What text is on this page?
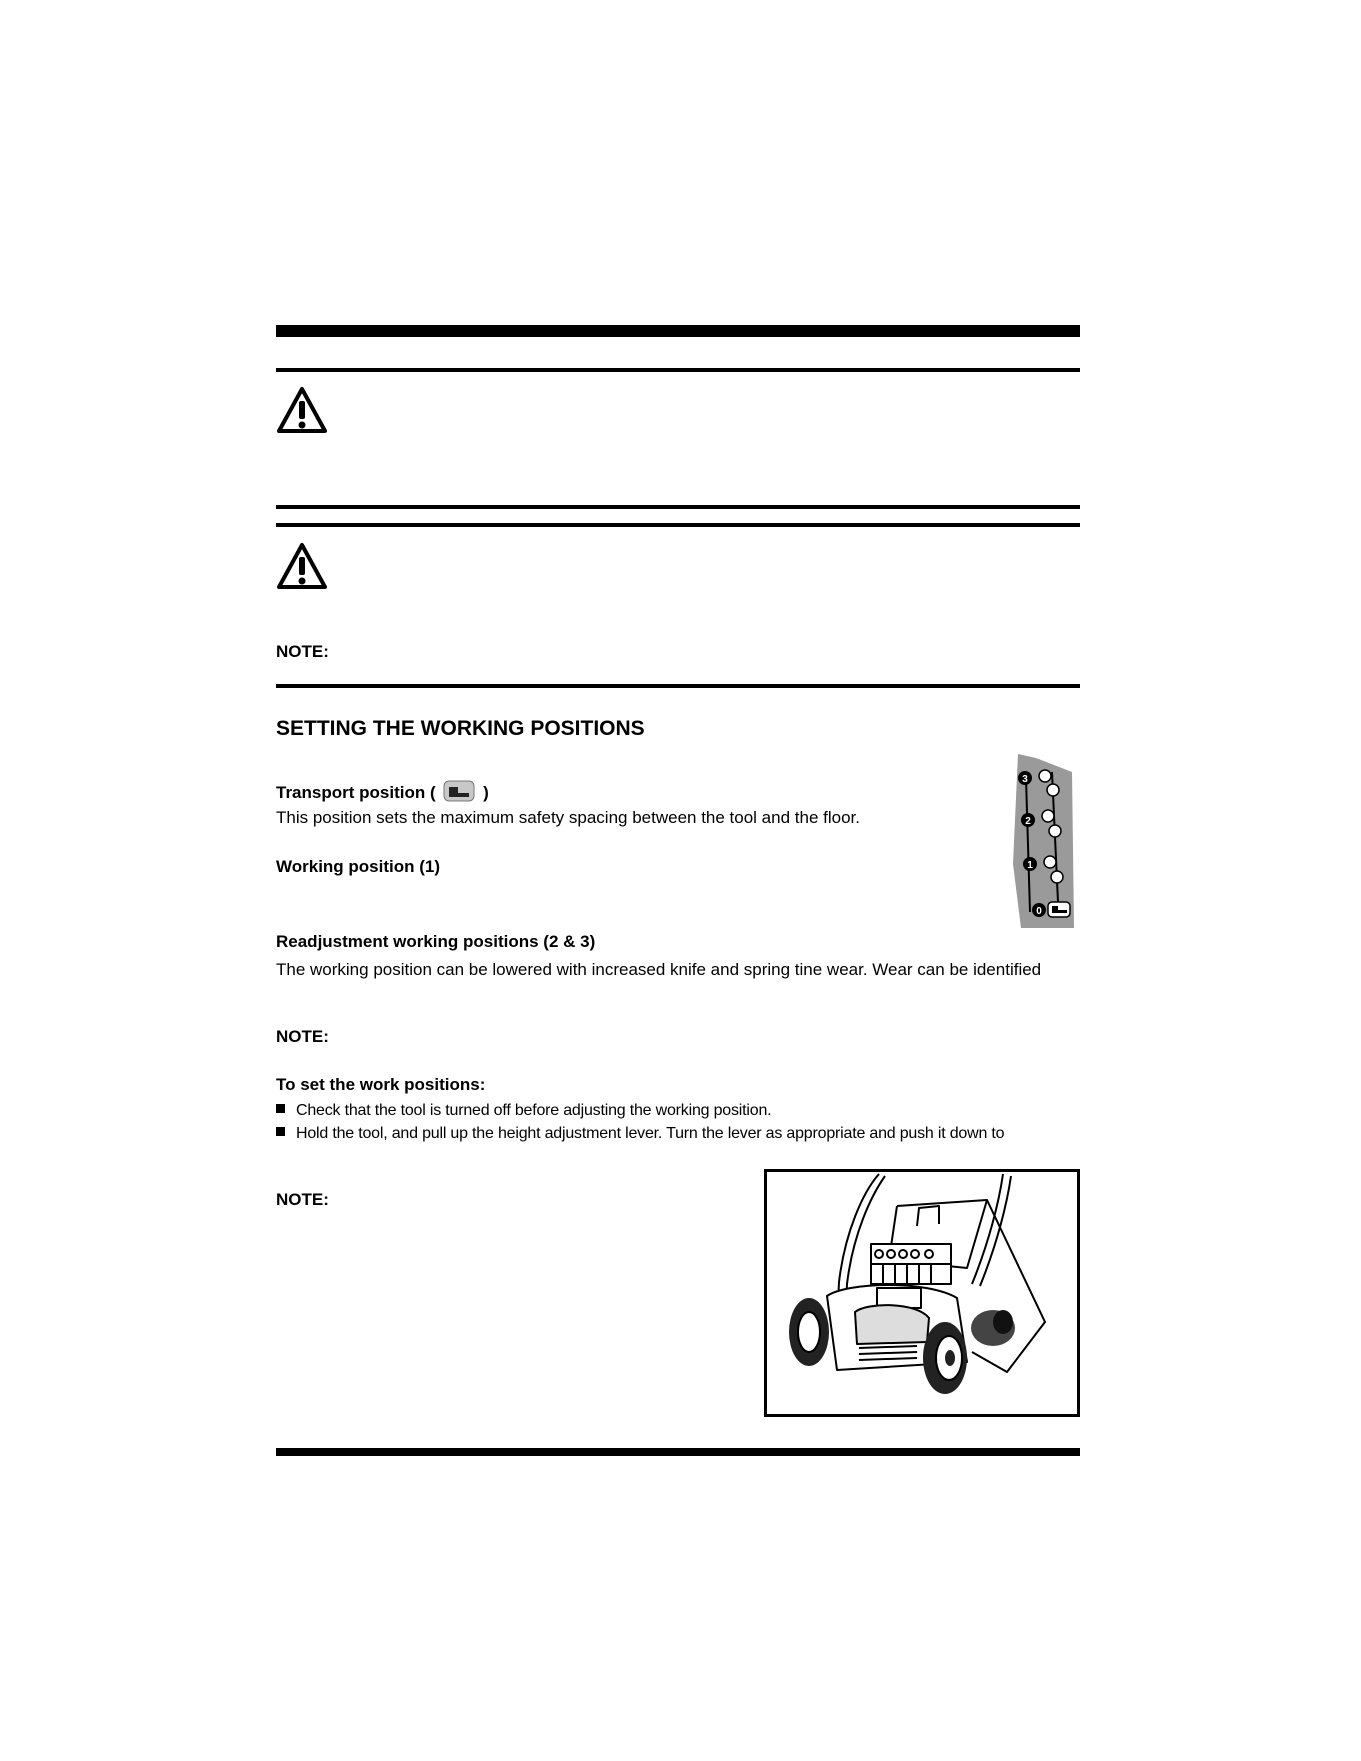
NOTE:
SETTING THE WORKING POSITIONS
Transport position (	)
This position sets the maximum safety spacing between the tool and the floor.
Working position (1)
3
2
1
0
Readjustment working positions (2 & 3)
The working position can be lowered with increased knife and spring tine wear. Wear can be identified
NOTE:
To set the work positions:
Check that the tool is turned off before adjusting the working position.
Hold the tool, and pull up the height adjustment lever. Turn the lever as appropriate and push it down to
NOTE:
